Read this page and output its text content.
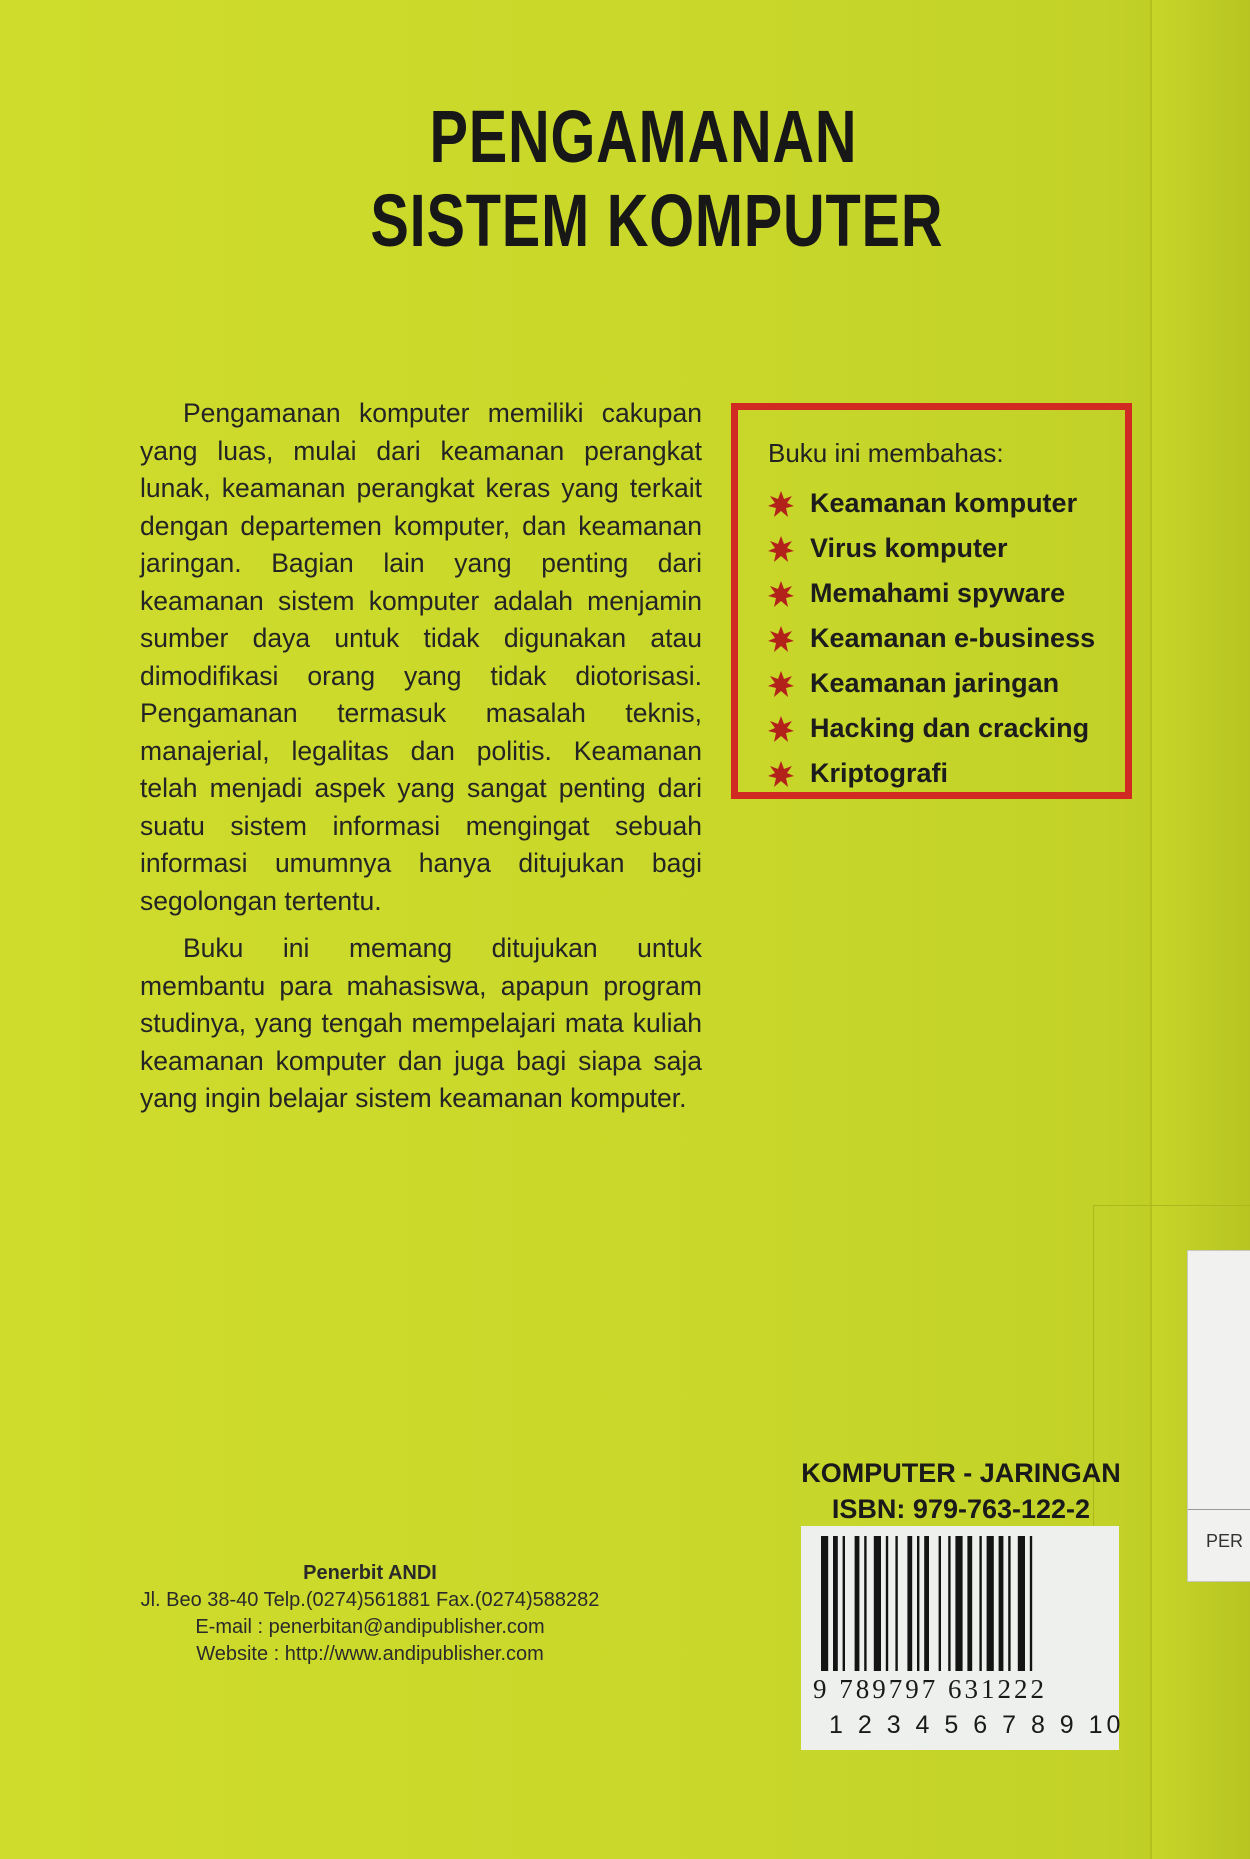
PENGAMANAN
SISTEM KOMPUTER

Pengamanan komputer memiliki cakupan yang luas, mulai dari keamanan perangkat lunak, keamanan perangkat keras yang terkait dengan departemen komputer, dan keamanan jaringan. Bagian lain yang penting dari keamanan sistem komputer adalah menjamin sumber daya untuk tidak digunakan atau dimodifikasi orang yang tidak diotorisasi. Pengamanan termasuk masalah teknis, manajerial, legalitas dan politis. Keamanan telah menjadi aspek yang sangat penting dari suatu sistem informasi mengingat sebuah informasi umumnya hanya ditujukan bagi segolongan tertentu.

Buku ini memang ditujukan untuk membantu para mahasiswa, apapun program studinya, yang tengah mempelajari mata kuliah keamanan komputer dan juga bagi siapa saja yang ingin belajar sistem keamanan komputer.

Buku ini membahas:
Keamanan komputer
Virus komputer
Memahami spyware
Keamanan e-business
Keamanan jaringan
Hacking dan cracking
Kriptografi
KOMPUTER - JARINGAN
ISBN: 979-763-122-2
9 789797 631222
1 2 3 4 5 6 7 8 9 10
Penerbit ANDI
Jl. Beo 38-40 Telp.(0274)561881 Fax.(0274)588282
E-mail : penerbitan@andipublisher.com
Website : http://www.andipublisher.com
PER
